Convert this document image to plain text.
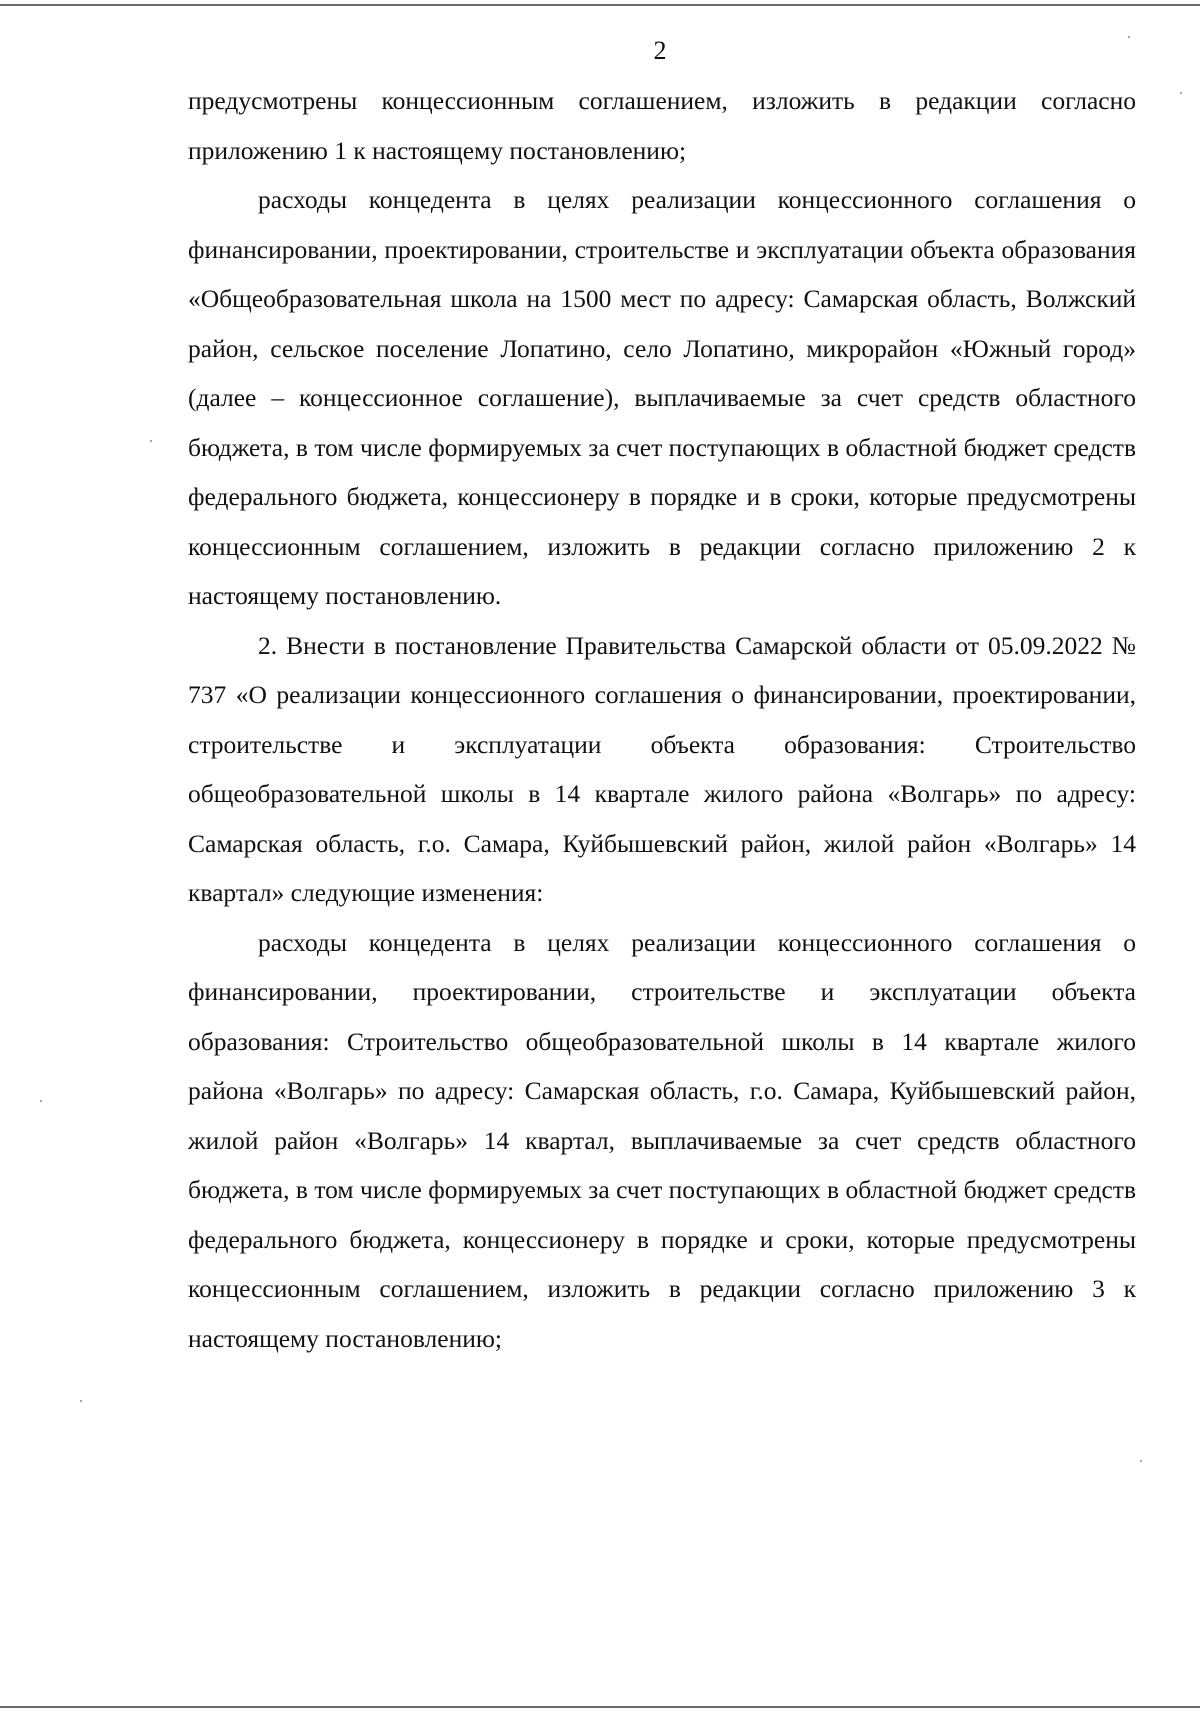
2

предусмотрены концессионным соглашением, изложить в редакции согласно приложению 1 к настоящему постановлению;

расходы концедента в целях реализации концессионного соглашения о финансировании, проектировании, строительстве и эксплуатации объекта образования «Общеобразовательная школа на 1500 мест по адресу: Самарская область, Волжский район, сельское поселение Лопатино, село Лопатино, микрорайон «Южный город» (далее – концессионное соглашение), выплачиваемые за счет средств областного бюджета, в том числе формируемых за счет поступающих в областной бюджет средств федерального бюджета, концессионеру в порядке и в сроки, которые предусмотрены концессионным соглашением, изложить в редакции согласно приложению 2 к настоящему постановлению.

2. Внести в постановление Правительства Самарской области от 05.09.2022 № 737 «О реализации концессионного соглашения о финансировании, проектировании, строительстве и эксплуатации объекта образования: Строительство общеобразовательной школы в 14 квартале жилого района «Волгарь» по адресу: Самарская область, г.о. Самара, Куйбышевский район, жилой район «Волгарь» 14 квартал» следующие изменения:

расходы концедента в целях реализации концессионного соглашения о финансировании, проектировании, строительстве и эксплуатации объекта образования: Строительство общеобразовательной школы в 14 квартале жилого района «Волгарь» по адресу: Самарская область, г.о. Самара, Куйбышевский район, жилой район «Волгарь» 14 квартал, выплачиваемые за счет средств областного бюджета, в том числе формируемых за счет поступающих в областной бюджет средств федерального бюджета, концессионеру в порядке и сроки, которые предусмотрены концессионным соглашением, изложить в редакции согласно приложению 3 к настоящему постановлению;
